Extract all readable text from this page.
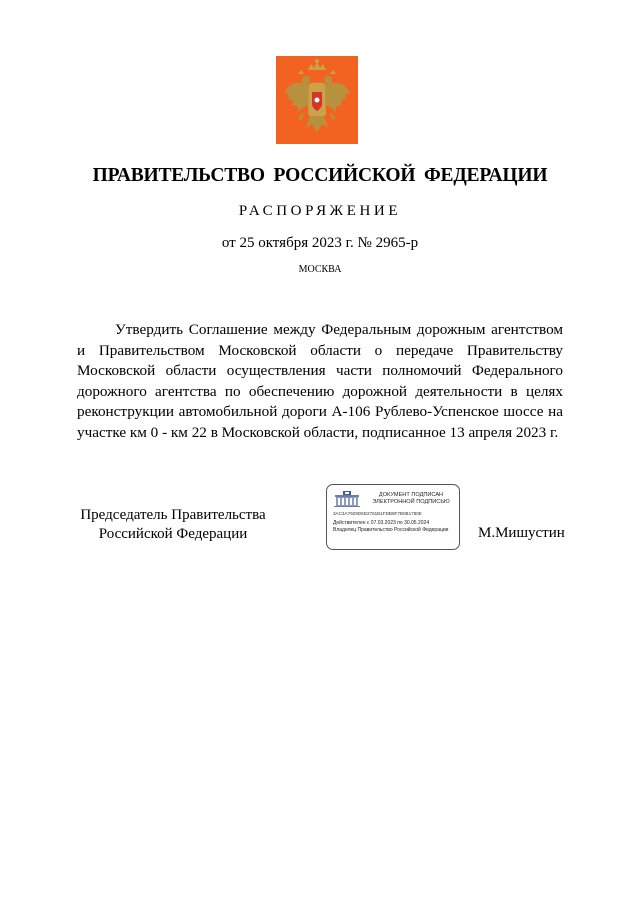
ПРАВИТЕЛЬСТВО РОССИЙСКОЙ ФЕДЕРАЦИИ
РАСПОРЯЖЕНИЕ
от 25 октября 2023 г. № 2965-р
МОСКВА

Утвердить Соглашение между Федеральным дорожным агентством и Правительством Московской области о передаче Правительству Московской области осуществления части полномочий Федерального дорожного агентства по обеспечению дорожной деятельности в целях реконструкции автомобильной дороги А-106 Рублево-Успенское шоссе на участке км 0 - км 22 в Московской области, подписанное 13 апреля 2023 г.

Председатель Правительства
Российской Федерации
ДОКУМЕНТ ПОДПИСАН
ЭЛЕКТРОННОЙ ПОДПИСЬЮ
3AC3A7929D5D2781B1FDB9F7B0B1780E
Действителен с 07.03.2023 по 30.05.2024
Владелец Правительство Российской Федерации	М.Мишустин
